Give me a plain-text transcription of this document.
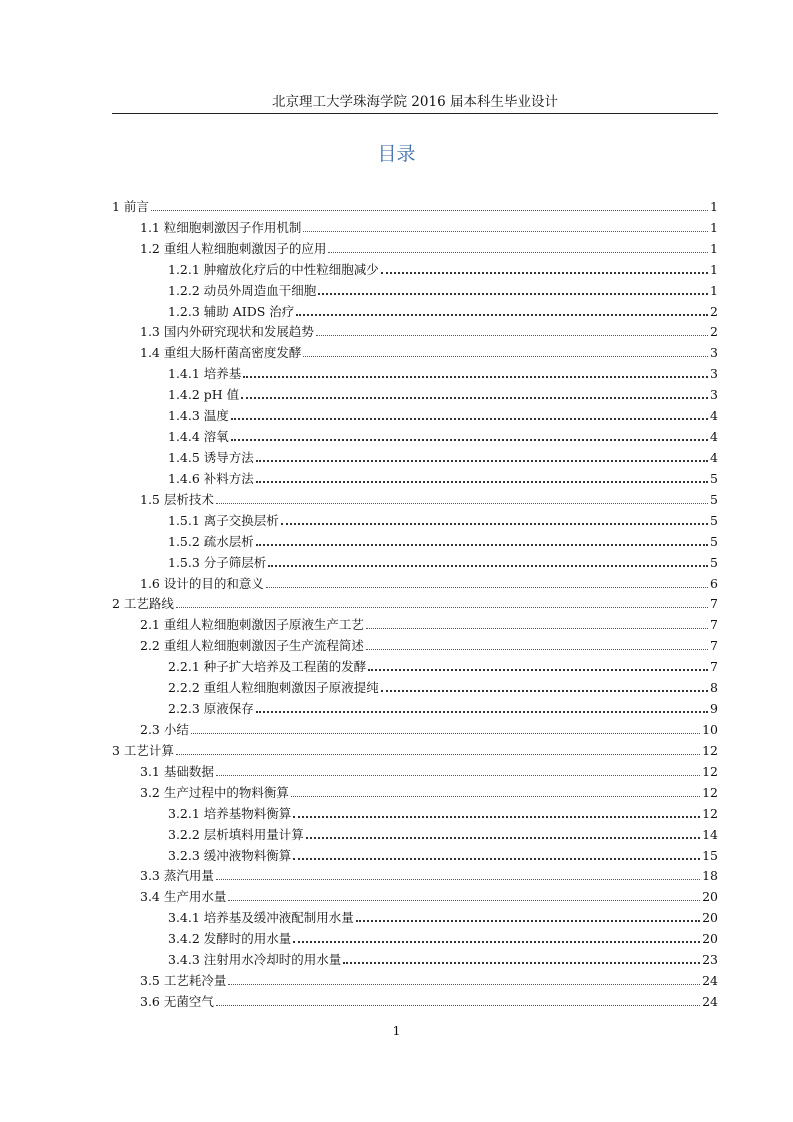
北京理工大学珠海学院 2016 届本科生毕业设计
目录
1 前言	1
1.1 粒细胞刺激因子作用机制	1
1.2 重组人粒细胞刺激因子的应用	1
1.2.1 肿瘤放化疗后的中性粒细胞减少	1
1.2.2 动员外周造血干细胞	1
1.2.3 辅助 AIDS 治疗	2
1.3 国内外研究现状和发展趋势	2
1.4 重组大肠杆菌高密度发酵	3
1.4.1 培养基	3
1.4.2 pH 值	3
1.4.3 温度	4
1.4.4 溶氧	4
1.4.5 诱导方法	4
1.4.6 补料方法	5
1.5 层析技术	5
1.5.1 离子交换层析	5
1.5.2 疏水层析	5
1.5.3 分子筛层析	5
1.6 设计的目的和意义	6
2 工艺路线	7
2.1 重组人粒细胞刺激因子原液生产工艺	7
2.2 重组人粒细胞刺激因子生产流程简述	7
2.2.1 种子扩大培养及工程菌的发酵	7
2.2.2 重组人粒细胞刺激因子原液提纯	8
2.2.3 原液保存	9
2.3 小结	10
3 工艺计算	12
3.1 基础数据	12
3.2 生产过程中的物料衡算	12
3.2.1 培养基物料衡算	12
3.2.2 层析填料用量计算	14
3.2.3 缓冲液物料衡算	15
3.3 蒸汽用量	18
3.4 生产用水量	20
3.4.1 培养基及缓冲液配制用水量	20
3.4.2 发酵时的用水量	20
3.4.3 注射用水冷却时的用水量	23
3.5 工艺耗冷量	24
3.6 无菌空气	24
1
